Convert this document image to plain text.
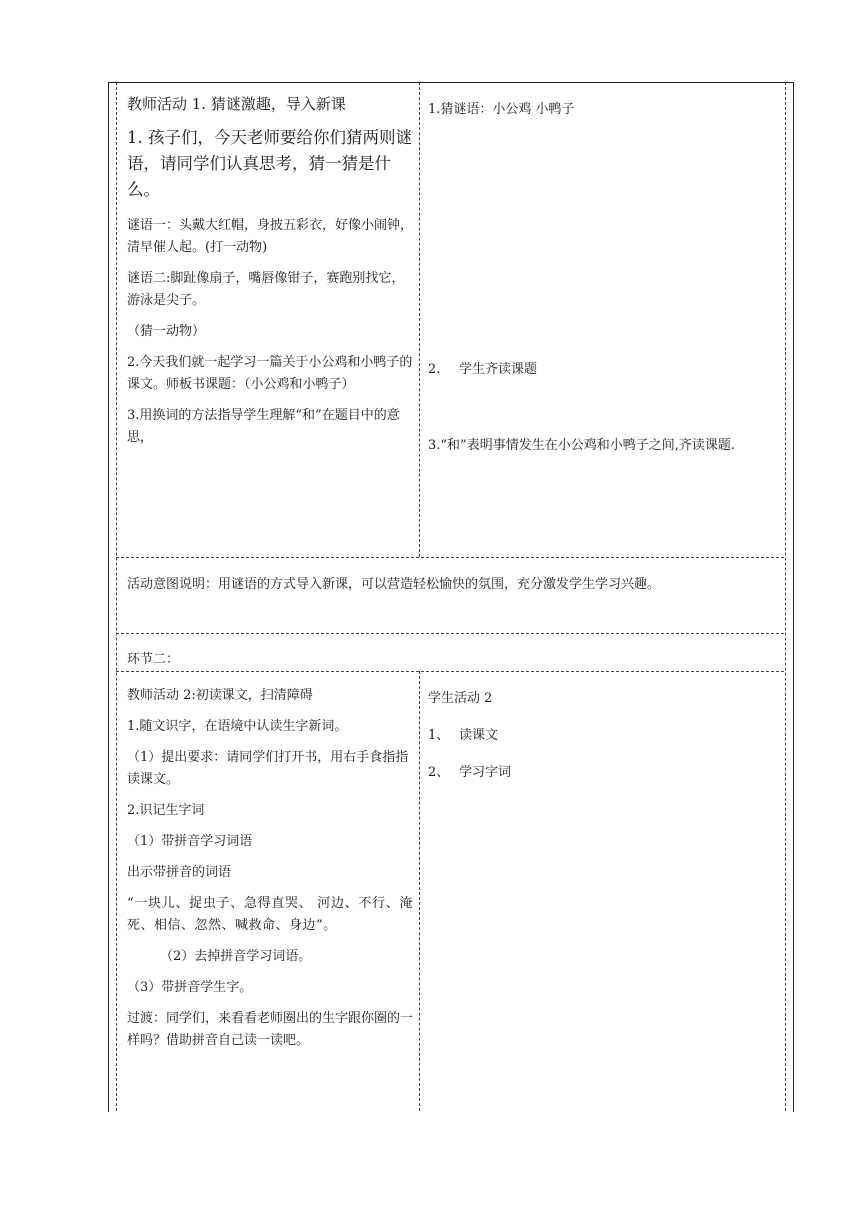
教师活动 1. 猜谜激趣，导入新课

1. 孩子们，今天老师要给你们猜两则谜语，请同学们认真思考，猜一猜是什么。

谜语一：头戴大红帽，身披五彩衣，好像小闹钟，清早催人起。(打一动物)

谜语二:脚趾像扇子，嘴唇像钳子，赛跑别找它，游泳是尖子。

（猜一动物）

2.今天我们就一起学习一篇关于小公鸡和小鸭子的课文。师板书课题：（小公鸡和小鸭子）

3.用换词的方法指导学生理解“和”在题目中的意思，

1.猜谜语：小公鸡 小鸭子
2.	学生齐读课题
3.“和”表明事情发生在小公鸡和小鸭子之间,齐读课题.
活动意图说明：用谜语的方式导入新课，可以营造轻松愉快的氛围，充分激发学生学习兴趣。
环节二：

教师活动 2:初读课文，扫清障碍

1.随文识字，在语境中认读生字新词。

（1）提出要求：请同学们打开书，用右手食指指读课文。

2.识记生字词

（1）带拼音学习词语

出示带拼音的词语

“一块儿、捉虫子、急得直哭、 河边、不行、淹死、相信、忽然、喊救命、身边”。

（2）去掉拼音学习词语。

（3）带拼音学生字。

过渡：同学们，来看看老师圈出的生字跟你圈的一样吗？借助拼音自己读一读吧。

学生活动 2

1、 读课文
2、 学习字词
